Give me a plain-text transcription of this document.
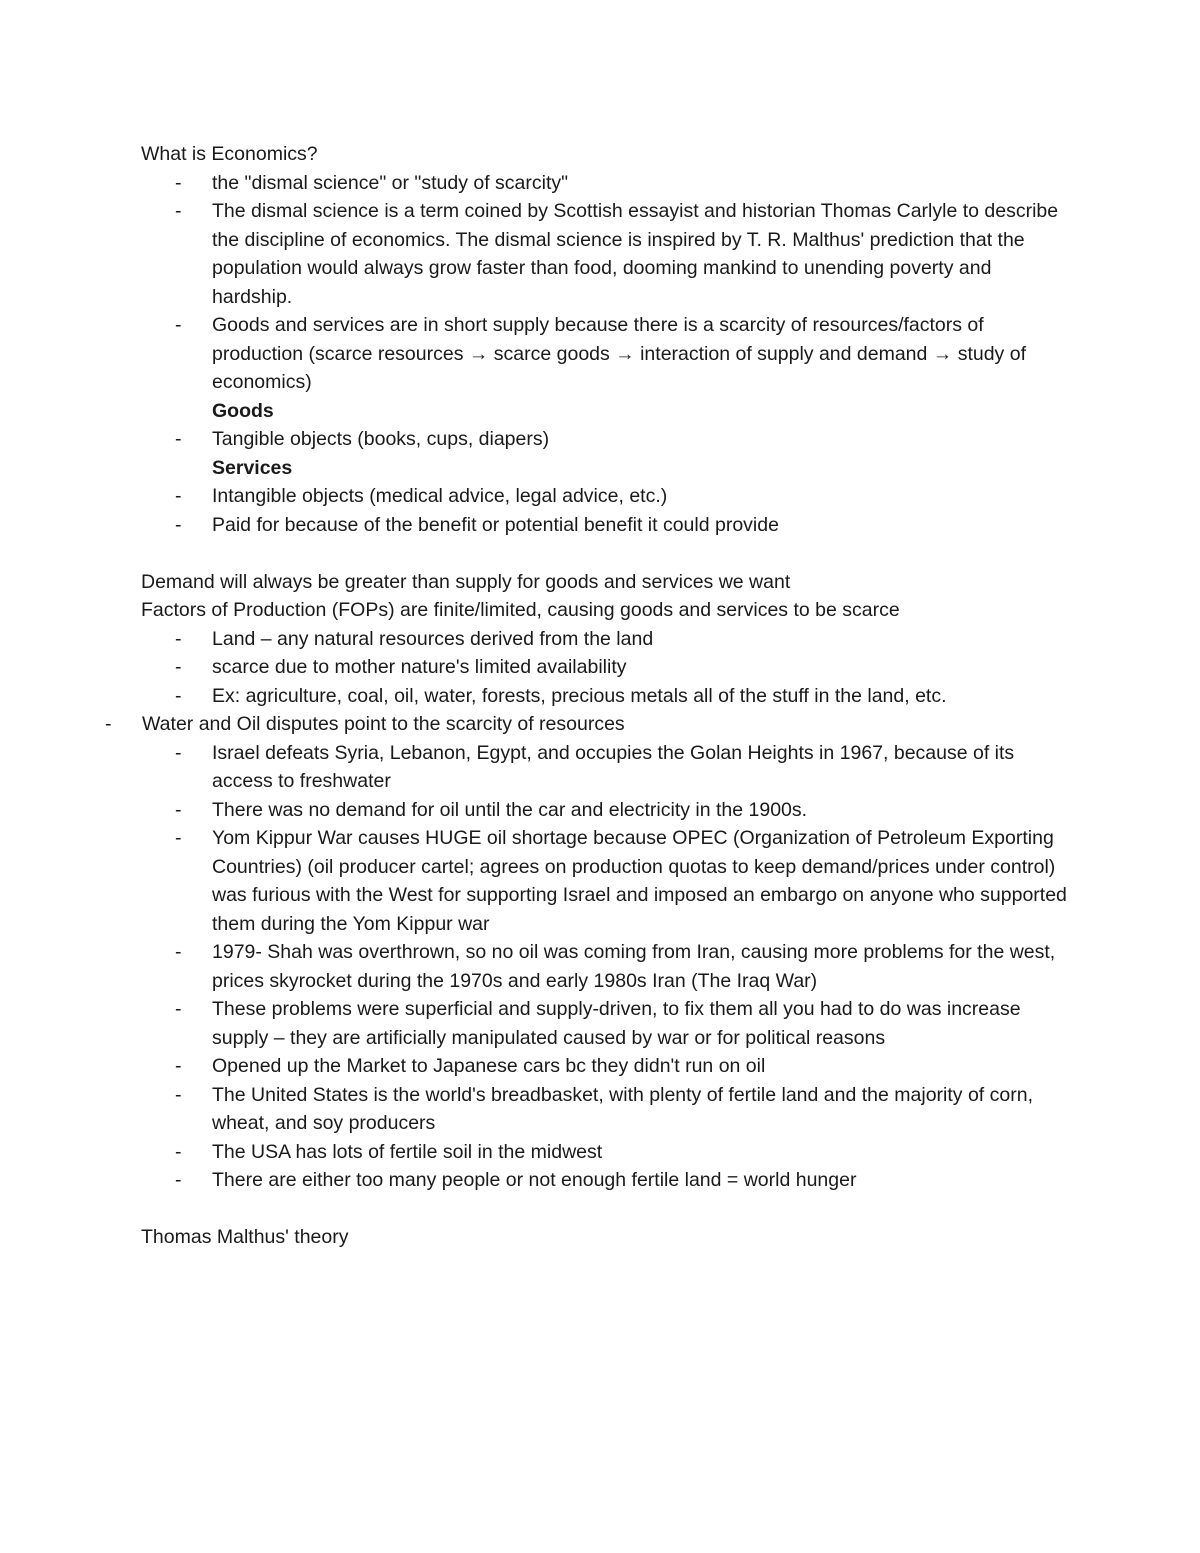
What is Economics?

- the "dismal science" or "study of scarcity"
- The dismal science is a term coined by Scottish essayist and historian Thomas Carlyle to describe the discipline of economics. The dismal science is inspired by T. R. Malthus' prediction that the population would always grow faster than food, dooming mankind to unending poverty and hardship.
- Goods and services are in short supply because there is a scarcity of resources/factors of production (scarce resources → scarce goods → interaction of supply and demand → study of economics)
Goods
- Tangible objects (books, cups, diapers)
Services
- Intangible objects (medical advice, legal advice, etc.)
- Paid for because of the benefit or potential benefit it could provide

Demand will always be greater than supply for goods and services we want

Factors of Production (FOPs) are finite/limited, causing goods and services to be scarce

- Land – any natural resources derived from the land
- scarce due to mother nature's limited availability
- Ex: agriculture, coal, oil, water, forests, precious metals all of the stuff in the land, etc.
- Water and Oil disputes point to the scarcity of resources
- Israel defeats Syria, Lebanon, Egypt, and occupies the Golan Heights in 1967, because of its access to freshwater
- There was no demand for oil until the car and electricity in the 1900s.
- Yom Kippur War causes HUGE oil shortage because OPEC (Organization of Petroleum Exporting Countries) (oil producer cartel; agrees on production quotas to keep demand/prices under control) was furious with the West for supporting Israel and imposed an embargo on anyone who supported them during the Yom Kippur war
- 1979- Shah was overthrown, so no oil was coming from Iran, causing more problems for the west, prices skyrocket during the 1970s and early 1980s Iran (The Iraq War)
- These problems were superficial and supply-driven, to fix them all you had to do was increase supply – they are artificially manipulated caused by war or for political reasons
- Opened up the Market to Japanese cars bc they didn't run on oil
- The United States is the world's breadbasket, with plenty of fertile land and the majority of corn, wheat, and soy producers
- The USA has lots of fertile soil in the midwest
- There are either too many people or not enough fertile land = world hunger

Thomas Malthus' theory
